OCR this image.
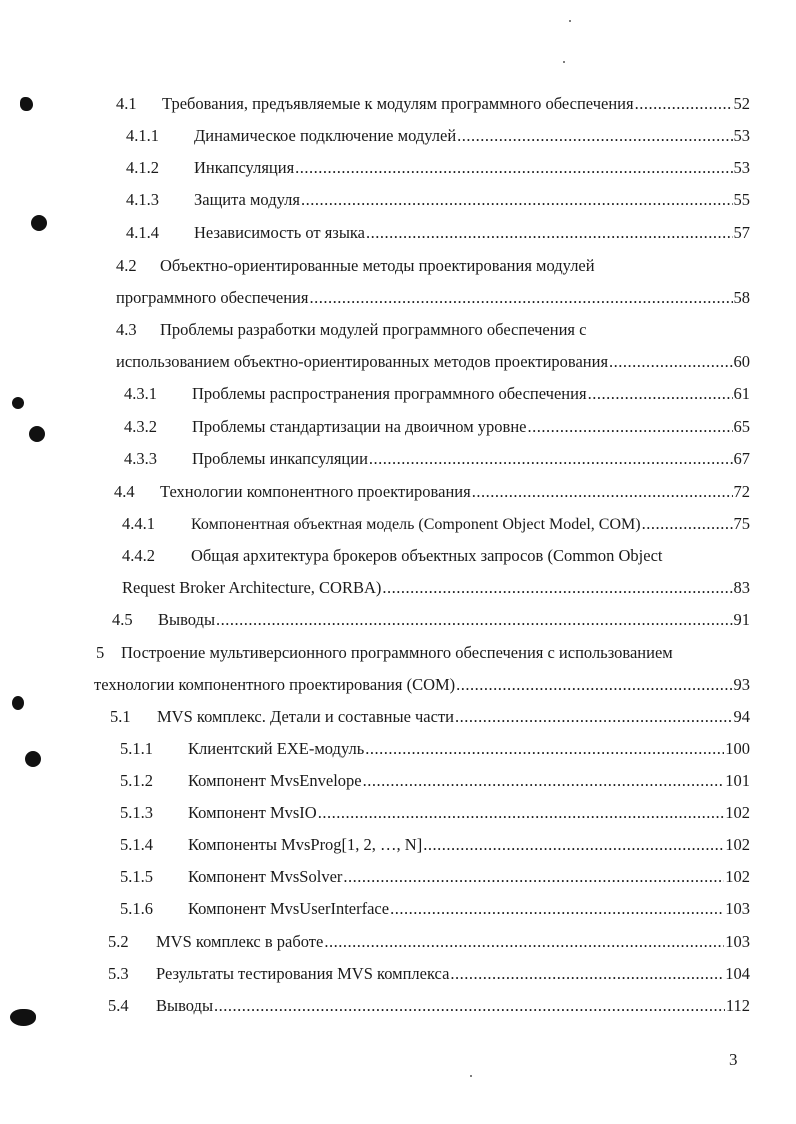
4.1	Требования, предъявляемые к модулям программного обеспечения .....	52
4.1.1	Динамическое подключение модулей .....	53
4.1.2	Инкапсуляция .....	53
4.1.3	Защита модуля .....	55
4.1.4	Независимость от языка .....	57
4.2	Объектно-ориентированные методы проектирования модулей
программного обеспечения .....	58
4.3	Проблемы разработки модулей программного обеспечения с
использованием объектно-ориентированных методов проектирования .....	60
4.3.1	Проблемы распространения программного обеспечения .....	61
4.3.2	Проблемы стандартизации на двоичном уровне .....	65
4.3.3	Проблемы инкапсуляции .....	67
4.4	Технологии компонентного проектирования .....	72
4.4.1	Компонентная объектная модель (Component Object Model, COM) .....	75
4.4.2	Общая архитектура брокеров объектных запросов (Common Object
Request Broker Architecture, CORBA) .....	83
4.5	Выводы .....	91
5	Построение мультиверсионного программного обеспечения с использованием
технологии компонентного проектирования (COM) .....	93
5.1	MVS комплекс. Детали и составные части .....	94
5.1.1	Клиентский EXE-модуль .....	100
5.1.2	Компонент MvsEnvelope .....	101
5.1.3	Компонент MvsIO .....	102
5.1.4	Компоненты MvsProg[1, 2, …, N] .....	102
5.1.5	Компонент MvsSolver .....	102
5.1.6	Компонент MvsUserInterface .....	103
5.2	MVS комплекс в работе .....	103
5.3	Результаты тестирования MVS комплекса .....	104
5.4	Выводы .....	112
3
